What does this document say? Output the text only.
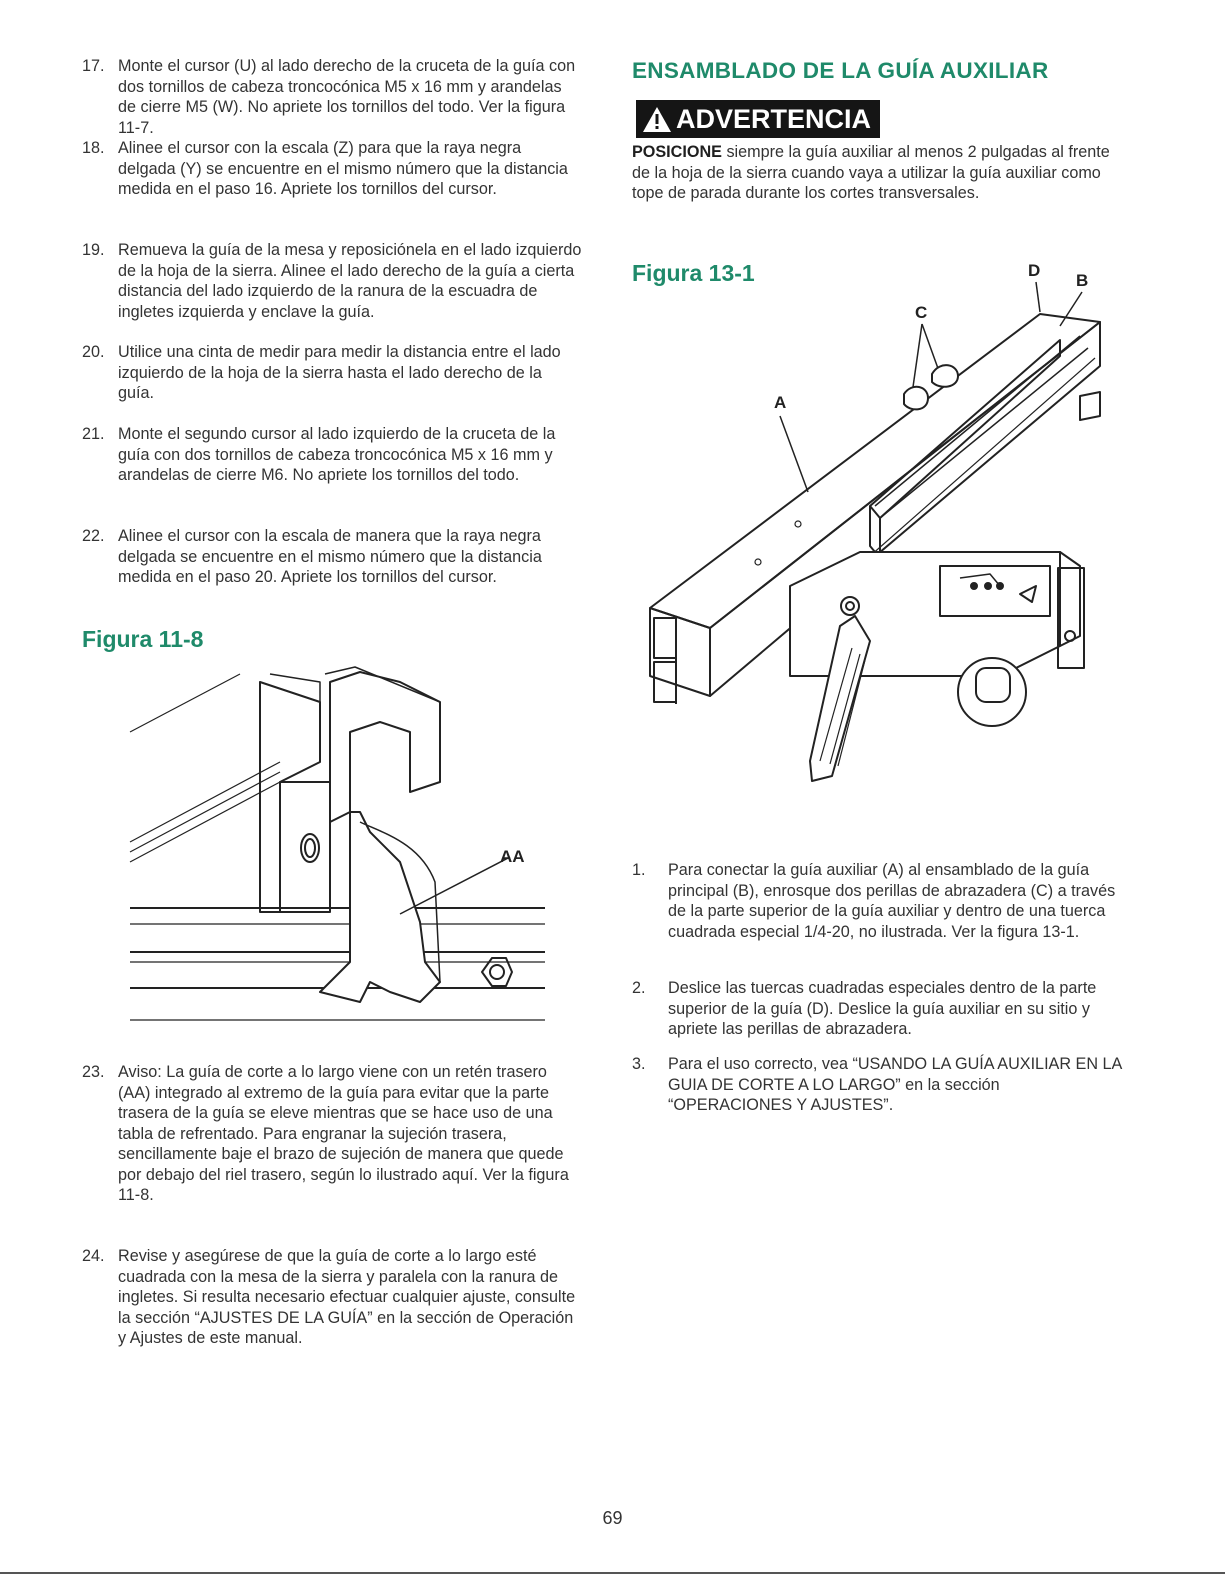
17. Monte el cursor (U) al lado derecho de la cruceta de la guía con dos tornillos de cabeza troncocónica M5 x 16 mm y arandelas de cierre M5 (W). No apriete los tornillos del todo. Ver la figura 11-7.
18. Alinee el cursor con la escala (Z) para que la raya negra delgada (Y) se encuentre en el mismo número que la distancia medida en el paso 16. Apriete los tornillos del cursor.
19. Remueva la guía de la mesa y reposiciónela en el lado izquierdo de la hoja de la sierra. Alinee el lado derecho de la guía a cierta distancia del lado izquierdo de la ranura de la escuadra de ingletes izquierda y enclave la guía.
20. Utilice una cinta de medir para medir la distancia entre el lado izquierdo de la hoja de la sierra hasta el lado derecho de la guía.
21. Monte el segundo cursor al lado izquierdo de la cruceta de la guía con dos tornillos de cabeza troncocónica M5 x 16 mm y arandelas de cierre M6. No apriete los tornillos del todo.
22. Alinee el cursor con la escala de manera que la raya negra delgada se encuentre en el mismo número que la distancia medida en el paso 20. Apriete los tornillos del cursor.
Figura 11-8
AA
23. Aviso: La guía de corte a lo largo viene con un retén trasero (AA) integrado al extremo de la guía para evitar que la parte trasera de la guía se eleve mientras que se hace uso de una tabla de refrentado. Para engranar la sujeción trasera, sencillamente baje el brazo de sujeción de manera que quede por debajo del riel trasero, según lo ilustrado aquí. Ver la figura 11-8.
24. Revise y asegúrese de que la guía de corte a lo largo esté cuadrada con la mesa de la sierra y paralela con la ranura de ingletes. Si resulta necesario efectuar cualquier ajuste, consulte la sección “AJUSTES DE LA GUÍA” en la sección de Operación y Ajustes de este manual.
ENSAMBLADO DE LA GUÍA AUXILIAR
ADVERTENCIA
POSICIONE siempre la guía auxiliar al menos 2 pulgadas al frente de la hoja de la sierra cuando vaya a utilizar la guía auxiliar como tope de parada durante los cortes transversales.
Figura 13-1	D
B
C
A
1.	Para conectar la guía auxiliar (A) al ensamblado de la guía principal (B), enrosque dos perillas de abrazadera (C) a través de la parte superior de la guía auxiliar y dentro de una tuerca cuadrada especial 1/4-20, no ilustrada. Ver la figura 13-1.
2.	Deslice las tuercas cuadradas especiales dentro de la parte superior de la guía (D). Deslice la guía auxiliar en su sitio y apriete las perillas de abrazadera.
3.	Para el uso correcto, vea “USANDO LA GUÍA AUXILIAR EN LA GUIA DE CORTE A LO LARGO” en la sección “OPERACIONES Y AJUSTES”.
69
